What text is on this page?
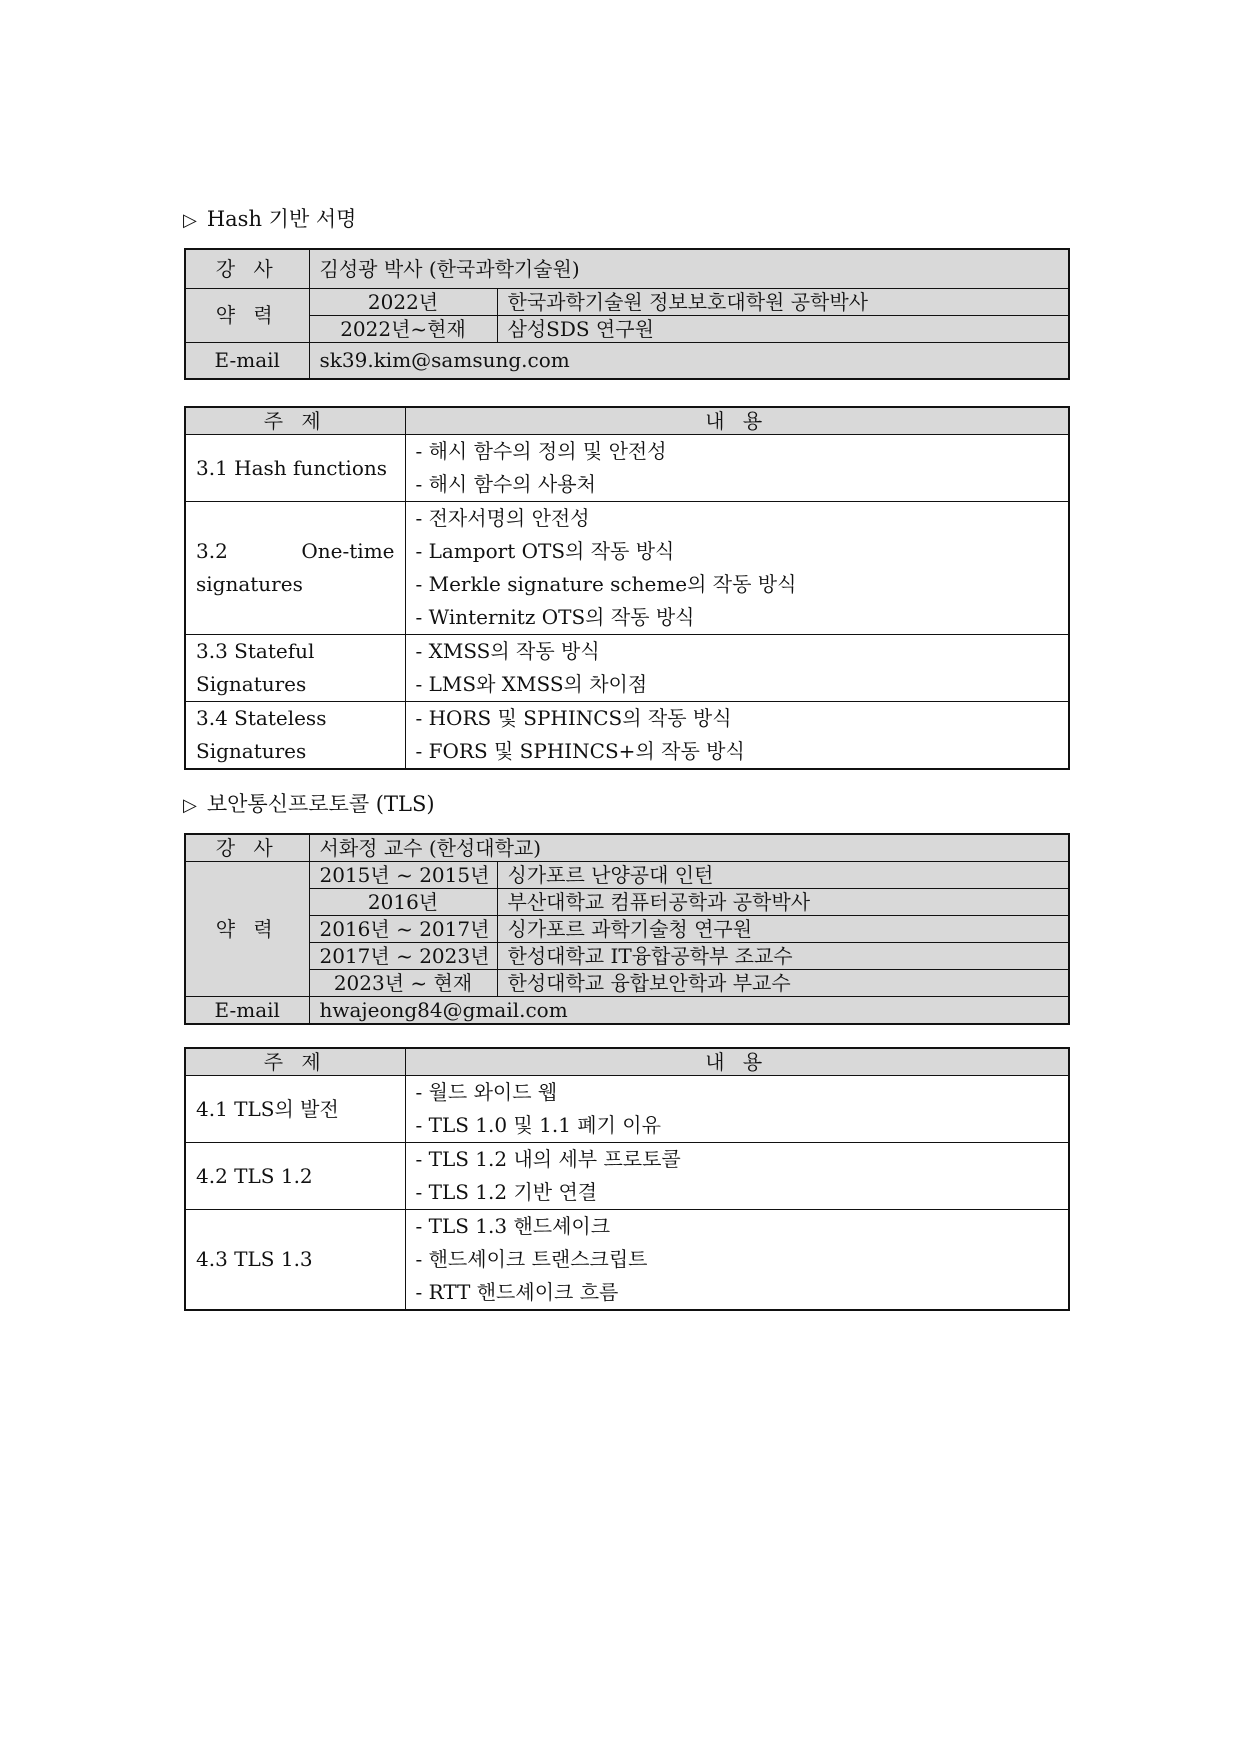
▷ Hash 기반 서명
강 사	김성광 박사 (한국과학기술원)	
약 력	2022년	한국과학기술원 정보보호대학원 공학박사
	2022년~현재	삼성SDS 연구원
E-mail	sk39.kim@samsung.com	
주 제	내 용
3.1 Hash functions	- 해시 함수의 정의 및 안전성
- 해시 함수의 사용처

3.2 One-time
signatures	- 전자서명의 안전성
- Lamport OTS의 작동 방식
- Merkle signature scheme의 작동 방식
- Winternitz OTS의 작동 방식

3.3 Stateful
Signatures	- XMSS의 작동 방식
- LMS와 XMSS의 차이점

3.4 Stateless
Signatures	- HORS 및 SPHINCS의 작동 방식
- FORS 및 SPHINCS+의 작동 방식
▷ 보안통신프로토콜 (TLS)
강 사	서화정 교수 (한성대학교)	
약 력	2015년 ~ 2015년	싱가포르 난양공대 인턴
	2016년	부산대학교 컴퓨터공학과 공학박사
	2016년 ~ 2017년	싱가포르 과학기술청 연구원
	2017년 ~ 2023년	한성대학교 IT융합공학부 조교수
	2023년 ~ 현재	한성대학교 융합보안학과 부교수
E-mail	hwajeong84@gmail.com	
주 제	내 용
4.1 TLS의 발전	- 월드 와이드 웹
- TLS 1.0 및 1.1 폐기 이유

4.2 TLS 1.2	- TLS 1.2 내의 세부 프로토콜
- TLS 1.2 기반 연결

4.3 TLS 1.3	- TLS 1.3 핸드셰이크
- 핸드셰이크 트랜스크립트
- RTT 핸드셰이크 흐름
